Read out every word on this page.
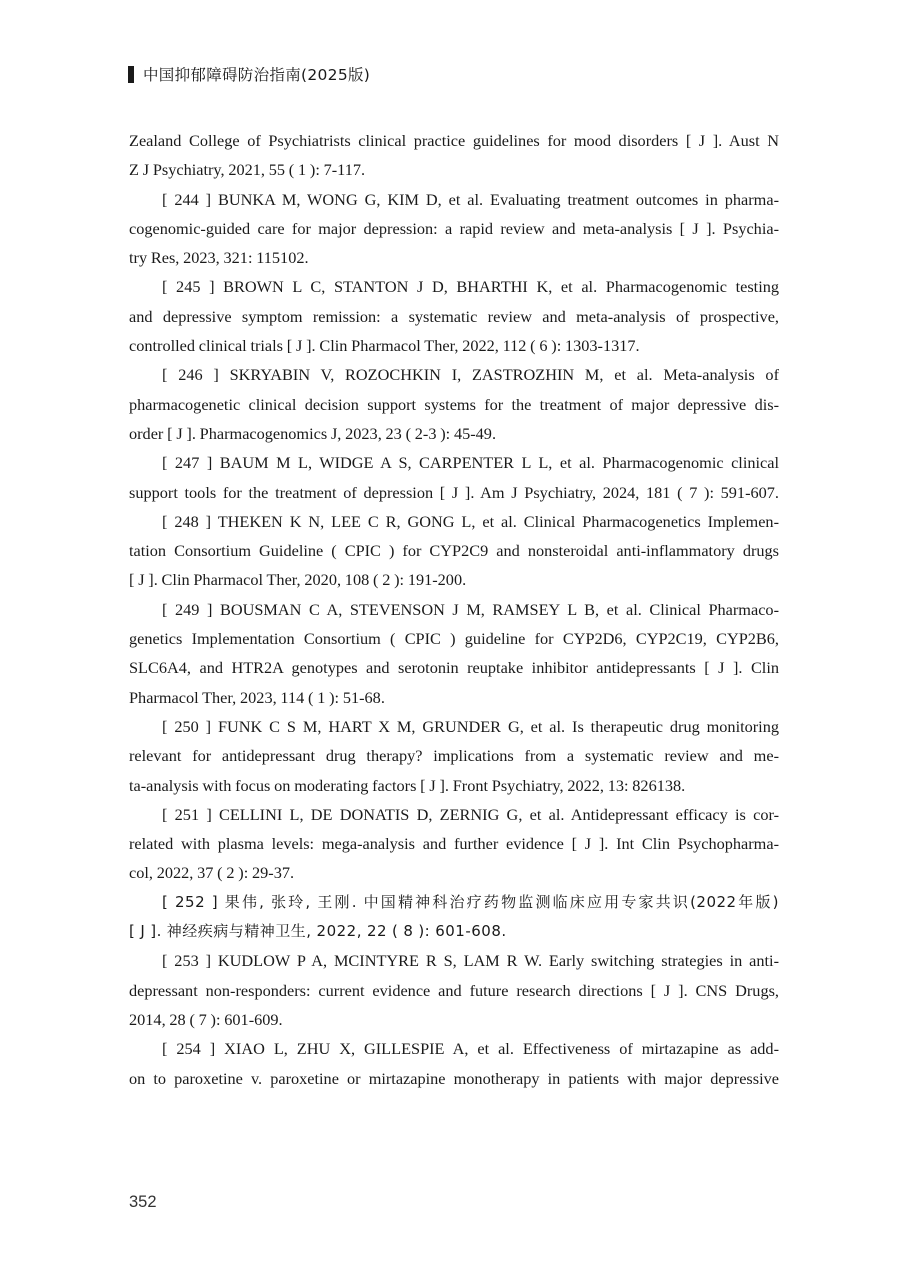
中国抑郁障碍防治指南(2025版)
Zealand College of Psychiatrists clinical practice guidelines for mood disorders [ J ]. Aust N
Z J Psychiatry, 2021, 55 ( 1 ): 7-117.
[ 244 ] BUNKA M, WONG G, KIM D, et al. Evaluating treatment outcomes in pharma-
cogenomic-guided care for major depression: a rapid review and meta-analysis [ J ]. Psychia-
try Res, 2023, 321: 115102.
[ 245 ] BROWN L C, STANTON J D, BHARTHI K, et al. Pharmacogenomic testing
and depressive symptom remission: a systematic review and meta-analysis of prospective,
controlled clinical trials [ J ]. Clin Pharmacol Ther, 2022, 112 ( 6 ): 1303-1317.
[ 246 ] SKRYABIN V, ROZOCHKIN I, ZASTROZHIN M, et al. Meta-analysis of
pharmacogenetic clinical decision support systems for the treatment of major depressive dis-
order [ J ]. Pharmacogenomics J, 2023, 23 ( 2-3 ): 45-49.
[ 247 ] BAUM M L, WIDGE A S, CARPENTER L L, et al. Pharmacogenomic clinical
support tools for the treatment of depression [ J ]. Am J Psychiatry, 2024, 181 ( 7 ): 591-607.
[ 248 ] THEKEN K N, LEE C R, GONG L, et al. Clinical Pharmacogenetics Implemen-
tation Consortium Guideline ( CPIC ) for CYP2C9 and nonsteroidal anti-inflammatory drugs
[ J ]. Clin Pharmacol Ther, 2020, 108 ( 2 ): 191-200.
[ 249 ] BOUSMAN C A, STEVENSON J M, RAMSEY L B, et al. Clinical Pharmaco-
genetics Implementation Consortium ( CPIC ) guideline for CYP2D6, CYP2C19, CYP2B6,
SLC6A4, and HTR2A genotypes and serotonin reuptake inhibitor antidepressants [ J ]. Clin
Pharmacol Ther, 2023, 114 ( 1 ): 51-68.
[ 250 ] FUNK C S M, HART X M, GRUNDER G, et al. Is therapeutic drug monitoring
relevant for antidepressant drug therapy? implications from a systematic review and me-
ta-analysis with focus on moderating factors [ J ]. Front Psychiatry, 2022, 13: 826138.
[ 251 ] CELLINI L, DE DONATIS D, ZERNIG G, et al. Antidepressant efficacy is cor-
related with plasma levels: mega-analysis and further evidence [ J ]. Int Clin Psychopharma-
col, 2022, 37 ( 2 ): 29-37.
[ 252 ] 果伟, 张玲, 王刚. 中国精神科治疗药物监测临床应用专家共识(2022年版)
[ J ]. 神经疾病与精神卫生, 2022, 22 ( 8 ): 601-608.
[ 253 ] KUDLOW P A, MCINTYRE R S, LAM R W. Early switching strategies in anti-
depressant non-responders: current evidence and future research directions [ J ]. CNS Drugs,
2014, 28 ( 7 ): 601-609.
[ 254 ] XIAO L, ZHU X, GILLESPIE A, et al. Effectiveness of mirtazapine as add-
on to paroxetine v. paroxetine or mirtazapine monotherapy in patients with major depressive
352
